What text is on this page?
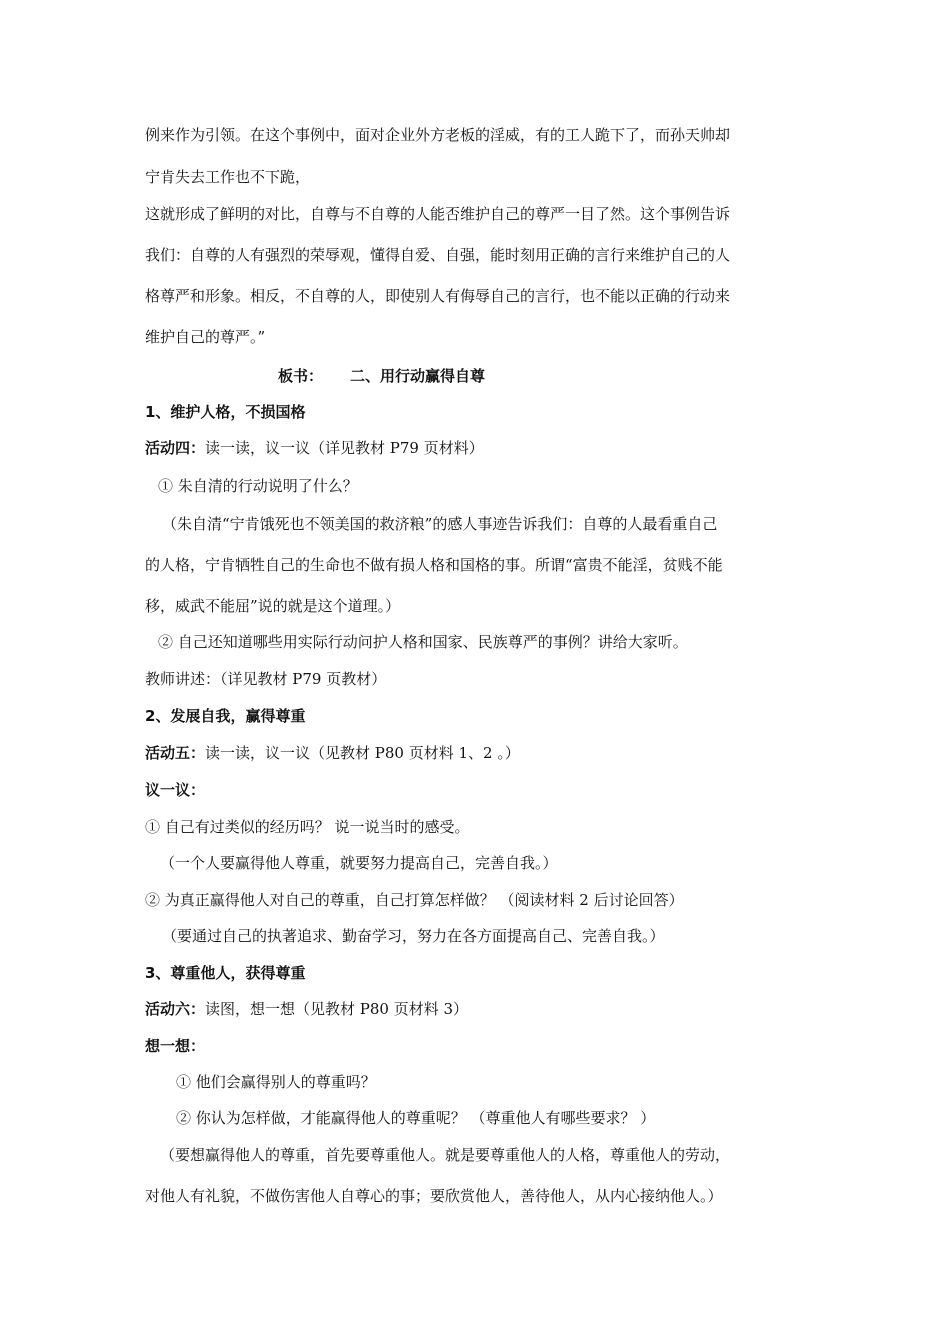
例来作为引领。在这个事例中，面对企业外方老板的淫威，有的工人跪下了，而孙天帅却
宁肯失去工作也不下跪，
这就形成了鲜明的对比，自尊与不自尊的人能否维护自己的尊严一目了然。这个事例告诉
我们：自尊的人有强烈的荣辱观，懂得自爱、自强，能时刻用正确的言行来维护自己的人
格尊严和形象。相反，不自尊的人，即使别人有侮辱自己的言行，也不能以正确的行动来
维护自己的尊严。”
板书： 二、用行动赢得自尊
1、维护人格，不损国格
活动四：读一读，议一议（详见教材 P79 页材料）
① 朱自清的行动说明了什么？
（朱自清“宁肯饿死也不领美国的救济粮”的感人事迹告诉我们：自尊的人最看重自己
的人格，宁肯牺牲自己的生命也不做有损人格和国格的事。所谓“富贵不能淫，贫贱不能
移，威武不能屈”说的就是这个道理。）
② 自己还知道哪些用实际行动问护人格和国家、民族尊严的事例？讲给大家听。
教师讲述：（详见教材 P79 页教材）
2、发展自我，赢得尊重
活动五：读一读，议一议（见教材 P80 页材料 1、2 。）
议一议：
① 自己有过类似的经历吗？ 说一说当时的感受。
（一个人要赢得他人尊重，就要努力提高自己，完善自我。）
② 为真正赢得他人对自己的尊重，自己打算怎样做？ （阅读材料 2 后讨论回答）
（要通过自己的执著追求、勤奋学习，努力在各方面提高自己、完善自我。）
3、尊重他人，获得尊重
活动六：读图，想一想（见教材 P80 页材料 3）
想一想：
① 他们会赢得别人的尊重吗？
② 你认为怎样做，才能赢得他人的尊重呢？ （尊重他人有哪些要求？ ）
（要想赢得他人的尊重，首先要尊重他人。就是要尊重他人的人格，尊重他人的劳动，
对他人有礼貌，不做伤害他人自尊心的事；要欣赏他人，善待他人，从内心接纳他人。）
